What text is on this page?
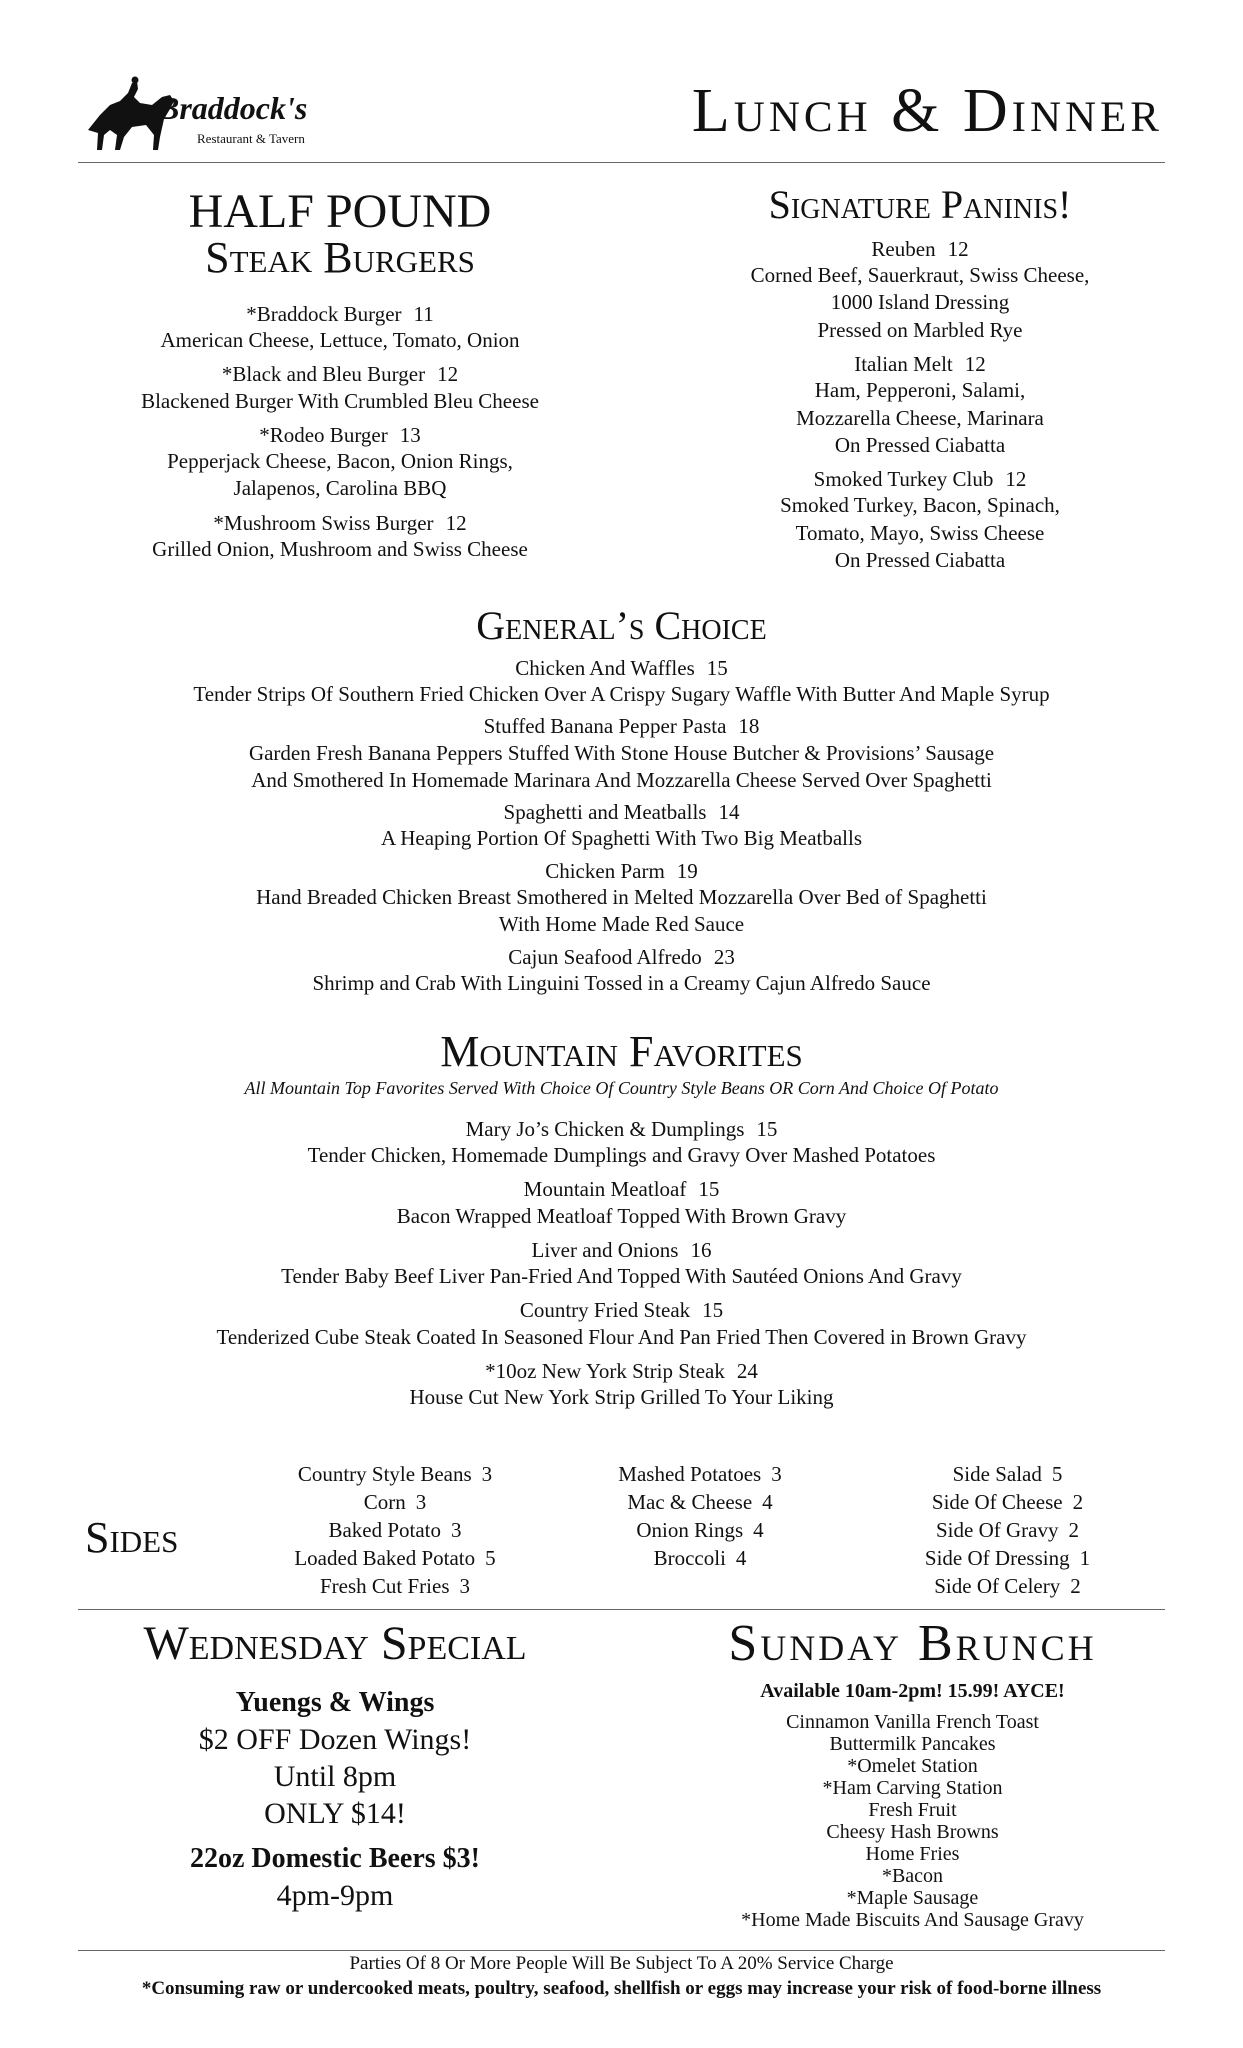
Braddock's
Restaurant & Tavern	Lunch & Dinner
HALF POUND
Steak Burgers
*Braddock Burger 11
American Cheese, Lettuce, Tomato, Onion
*Black and Bleu Burger 12
Blackened Burger With Crumbled Bleu Cheese
*Rodeo Burger 13
Pepperjack Cheese, Bacon, Onion Rings,
Jalapenos, Carolina BBQ
*Mushroom Swiss Burger 12
Grilled Onion, Mushroom and Swiss Cheese
Signature Paninis!
Reuben 12
Corned Beef, Sauerkraut, Swiss Cheese,
1000 Island Dressing
Pressed on Marbled Rye
Italian Melt 12
Ham, Pepperoni, Salami,
Mozzarella Cheese, Marinara
On Pressed Ciabatta
Smoked Turkey Club 12
Smoked Turkey, Bacon, Spinach,
Tomato, Mayo, Swiss Cheese
On Pressed Ciabatta
General’s Choice
Chicken And Waffles 15
Tender Strips Of Southern Fried Chicken Over A Crispy Sugary Waffle With Butter And Maple Syrup
Stuffed Banana Pepper Pasta 18
Garden Fresh Banana Peppers Stuffed With Stone House Butcher & Provisions’ Sausage
And Smothered In Homemade Marinara And Mozzarella Cheese Served Over Spaghetti
Spaghetti and Meatballs 14
A Heaping Portion Of Spaghetti With Two Big Meatballs
Chicken Parm 19
Hand Breaded Chicken Breast Smothered in Melted Mozzarella Over Bed of Spaghetti
With Home Made Red Sauce
Cajun Seafood Alfredo 23
Shrimp and Crab With Linguini Tossed in a Creamy Cajun Alfredo Sauce
Mountain Favorites
All Mountain Top Favorites Served With Choice Of Country Style Beans OR Corn And Choice Of Potato
Mary Jo’s Chicken & Dumplings 15
Tender Chicken, Homemade Dumplings and Gravy Over Mashed Potatoes
Mountain Meatloaf 15
Bacon Wrapped Meatloaf Topped With Brown Gravy
Liver and Onions 16
Tender Baby Beef Liver Pan-Fried And Topped With Sautéed Onions And Gravy
Country Fried Steak 15
Tenderized Cube Steak Coated In Seasoned Flour And Pan Fried Then Covered in Brown Gravy
*10oz New York Strip Steak 24
House Cut New York Strip Grilled To Your Liking
Sides
Country Style Beans 3
Corn 3
Baked Potato 3
Loaded Baked Potato 5
Fresh Cut Fries 3
Mashed Potatoes 3
Mac & Cheese 4
Onion Rings 4
Broccoli 4
Side Salad 5
Side Of Cheese 2
Side Of Gravy 2
Side Of Dressing 1
Side Of Celery 2
Wednesday Special
Yuengs & Wings
$2 OFF Dozen Wings!
Until 8pm
ONLY $14!
22oz Domestic Beers $3!
4pm-9pm
Sunday Brunch
Available 10am-2pm! 15.99! AYCE!
Cinnamon Vanilla French Toast
Buttermilk Pancakes
*Omelet Station
*Ham Carving Station
Fresh Fruit
Cheesy Hash Browns
Home Fries
*Bacon
*Maple Sausage
*Home Made Biscuits And Sausage Gravy
Parties Of 8 Or More People Will Be Subject To A 20% Service Charge
*Consuming raw or undercooked meats, poultry, seafood, shellfish or eggs may increase your risk of food-borne illness
